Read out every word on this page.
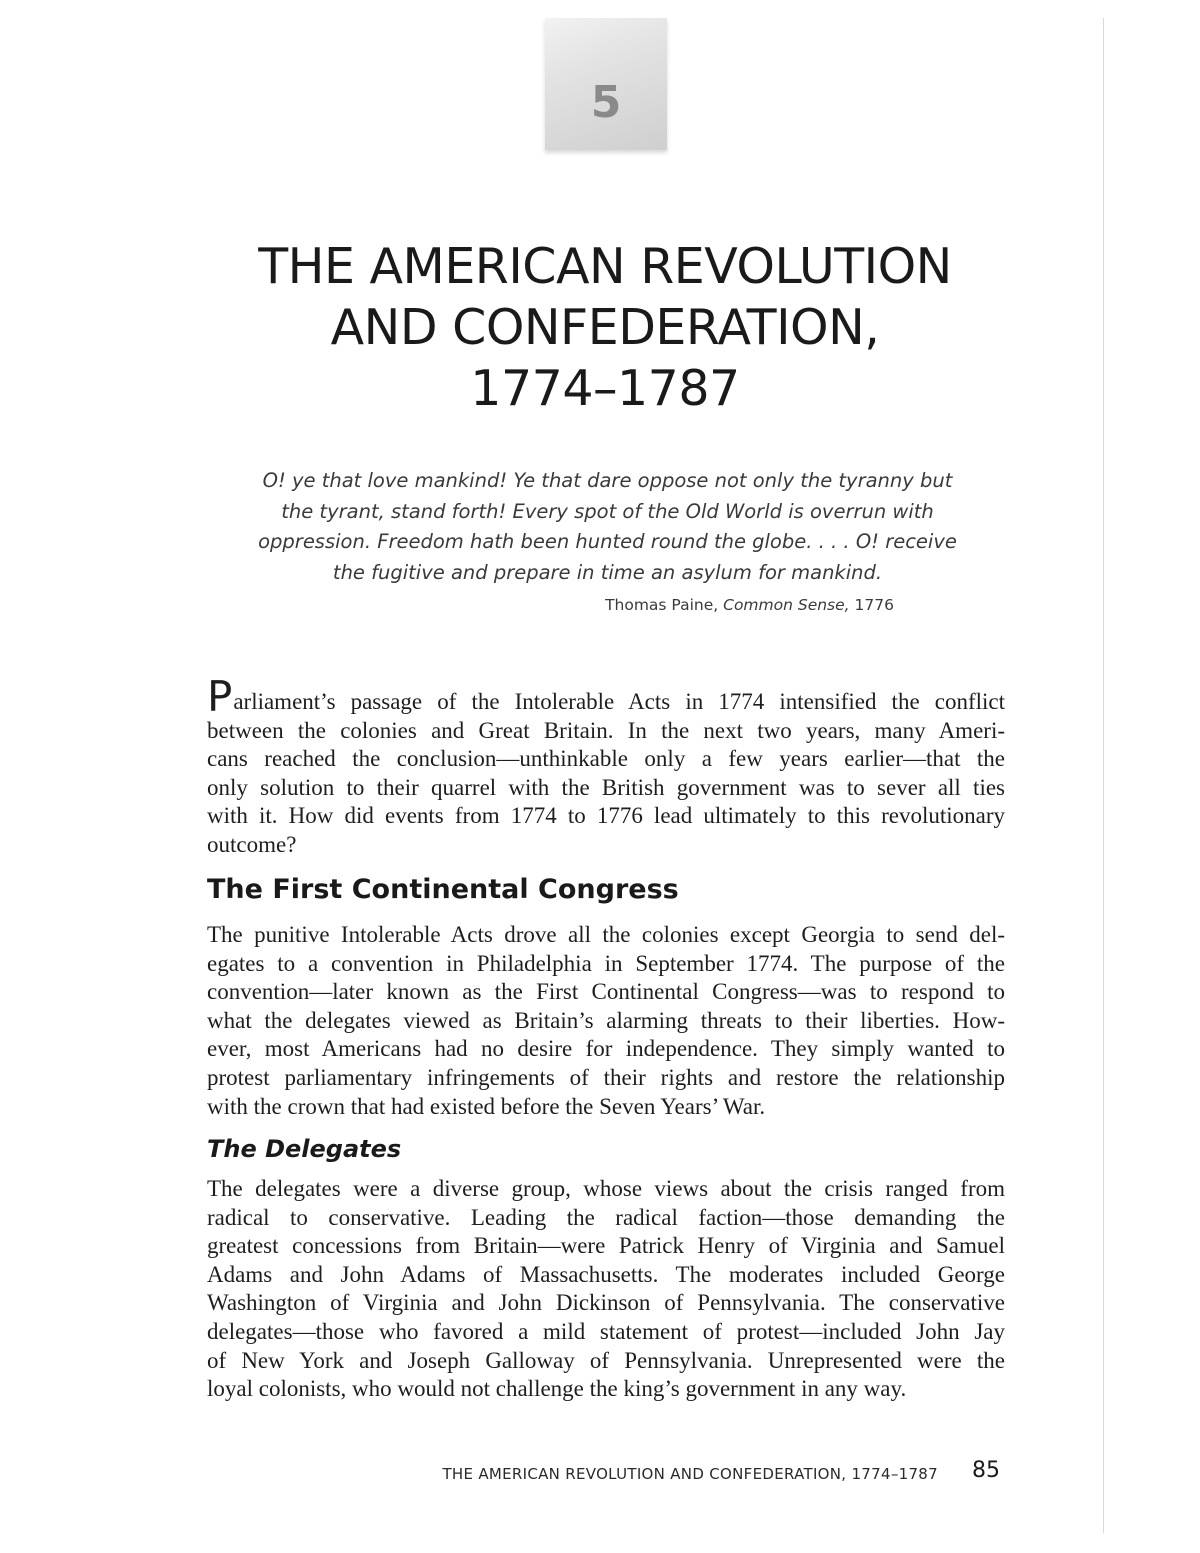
5
THE AMERICAN REVOLUTION
AND CONFEDERATION,
1774–1787
O! ye that love mankind! Ye that dare oppose not only the tyranny but
the tyrant, stand forth! Every spot of the Old World is overrun with
oppression. Freedom hath been hunted round the globe. . . . O! receive
the fugitive and prepare in time an asylum for mankind.
Thomas Paine, Common Sense, 1776
Parliament’s passage of the Intolerable Acts in 1774 intensified the conflict
between the colonies and Great Britain. In the next two years, many Ameri-
cans reached the conclusion—unthinkable only a few years earlier—that the
only solution to their quarrel with the British government was to sever all ties
with it. How did events from 1774 to 1776 lead ultimately to this revolutionary
outcome?
The First Continental Congress
The punitive Intolerable Acts drove all the colonies except Georgia to send del-
egates to a convention in Philadelphia in September 1774. The purpose of the
convention—later known as the First Continental Congress—was to respond to
what the delegates viewed as Britain’s alarming threats to their liberties. How-
ever, most Americans had no desire for independence. They simply wanted to
protest parliamentary infringements of their rights and restore the relationship
with the crown that had existed before the Seven Years’ War.
The Delegates
The delegates were a diverse group, whose views about the crisis ranged from
radical to conservative. Leading the radical faction—those demanding the
greatest concessions from Britain—were Patrick Henry of Virginia and Samuel
Adams and John Adams of Massachusetts. The moderates included George
Washington of Virginia and John Dickinson of Pennsylvania. The conservative
delegates—those who favored a mild statement of protest—included John Jay
of New York and Joseph Galloway of Pennsylvania. Unrepresented were the
loyal colonists, who would not challenge the king’s government in any way.
THE AMERICAN REVOLUTION AND CONFEDERATION, 1774–1787	85
